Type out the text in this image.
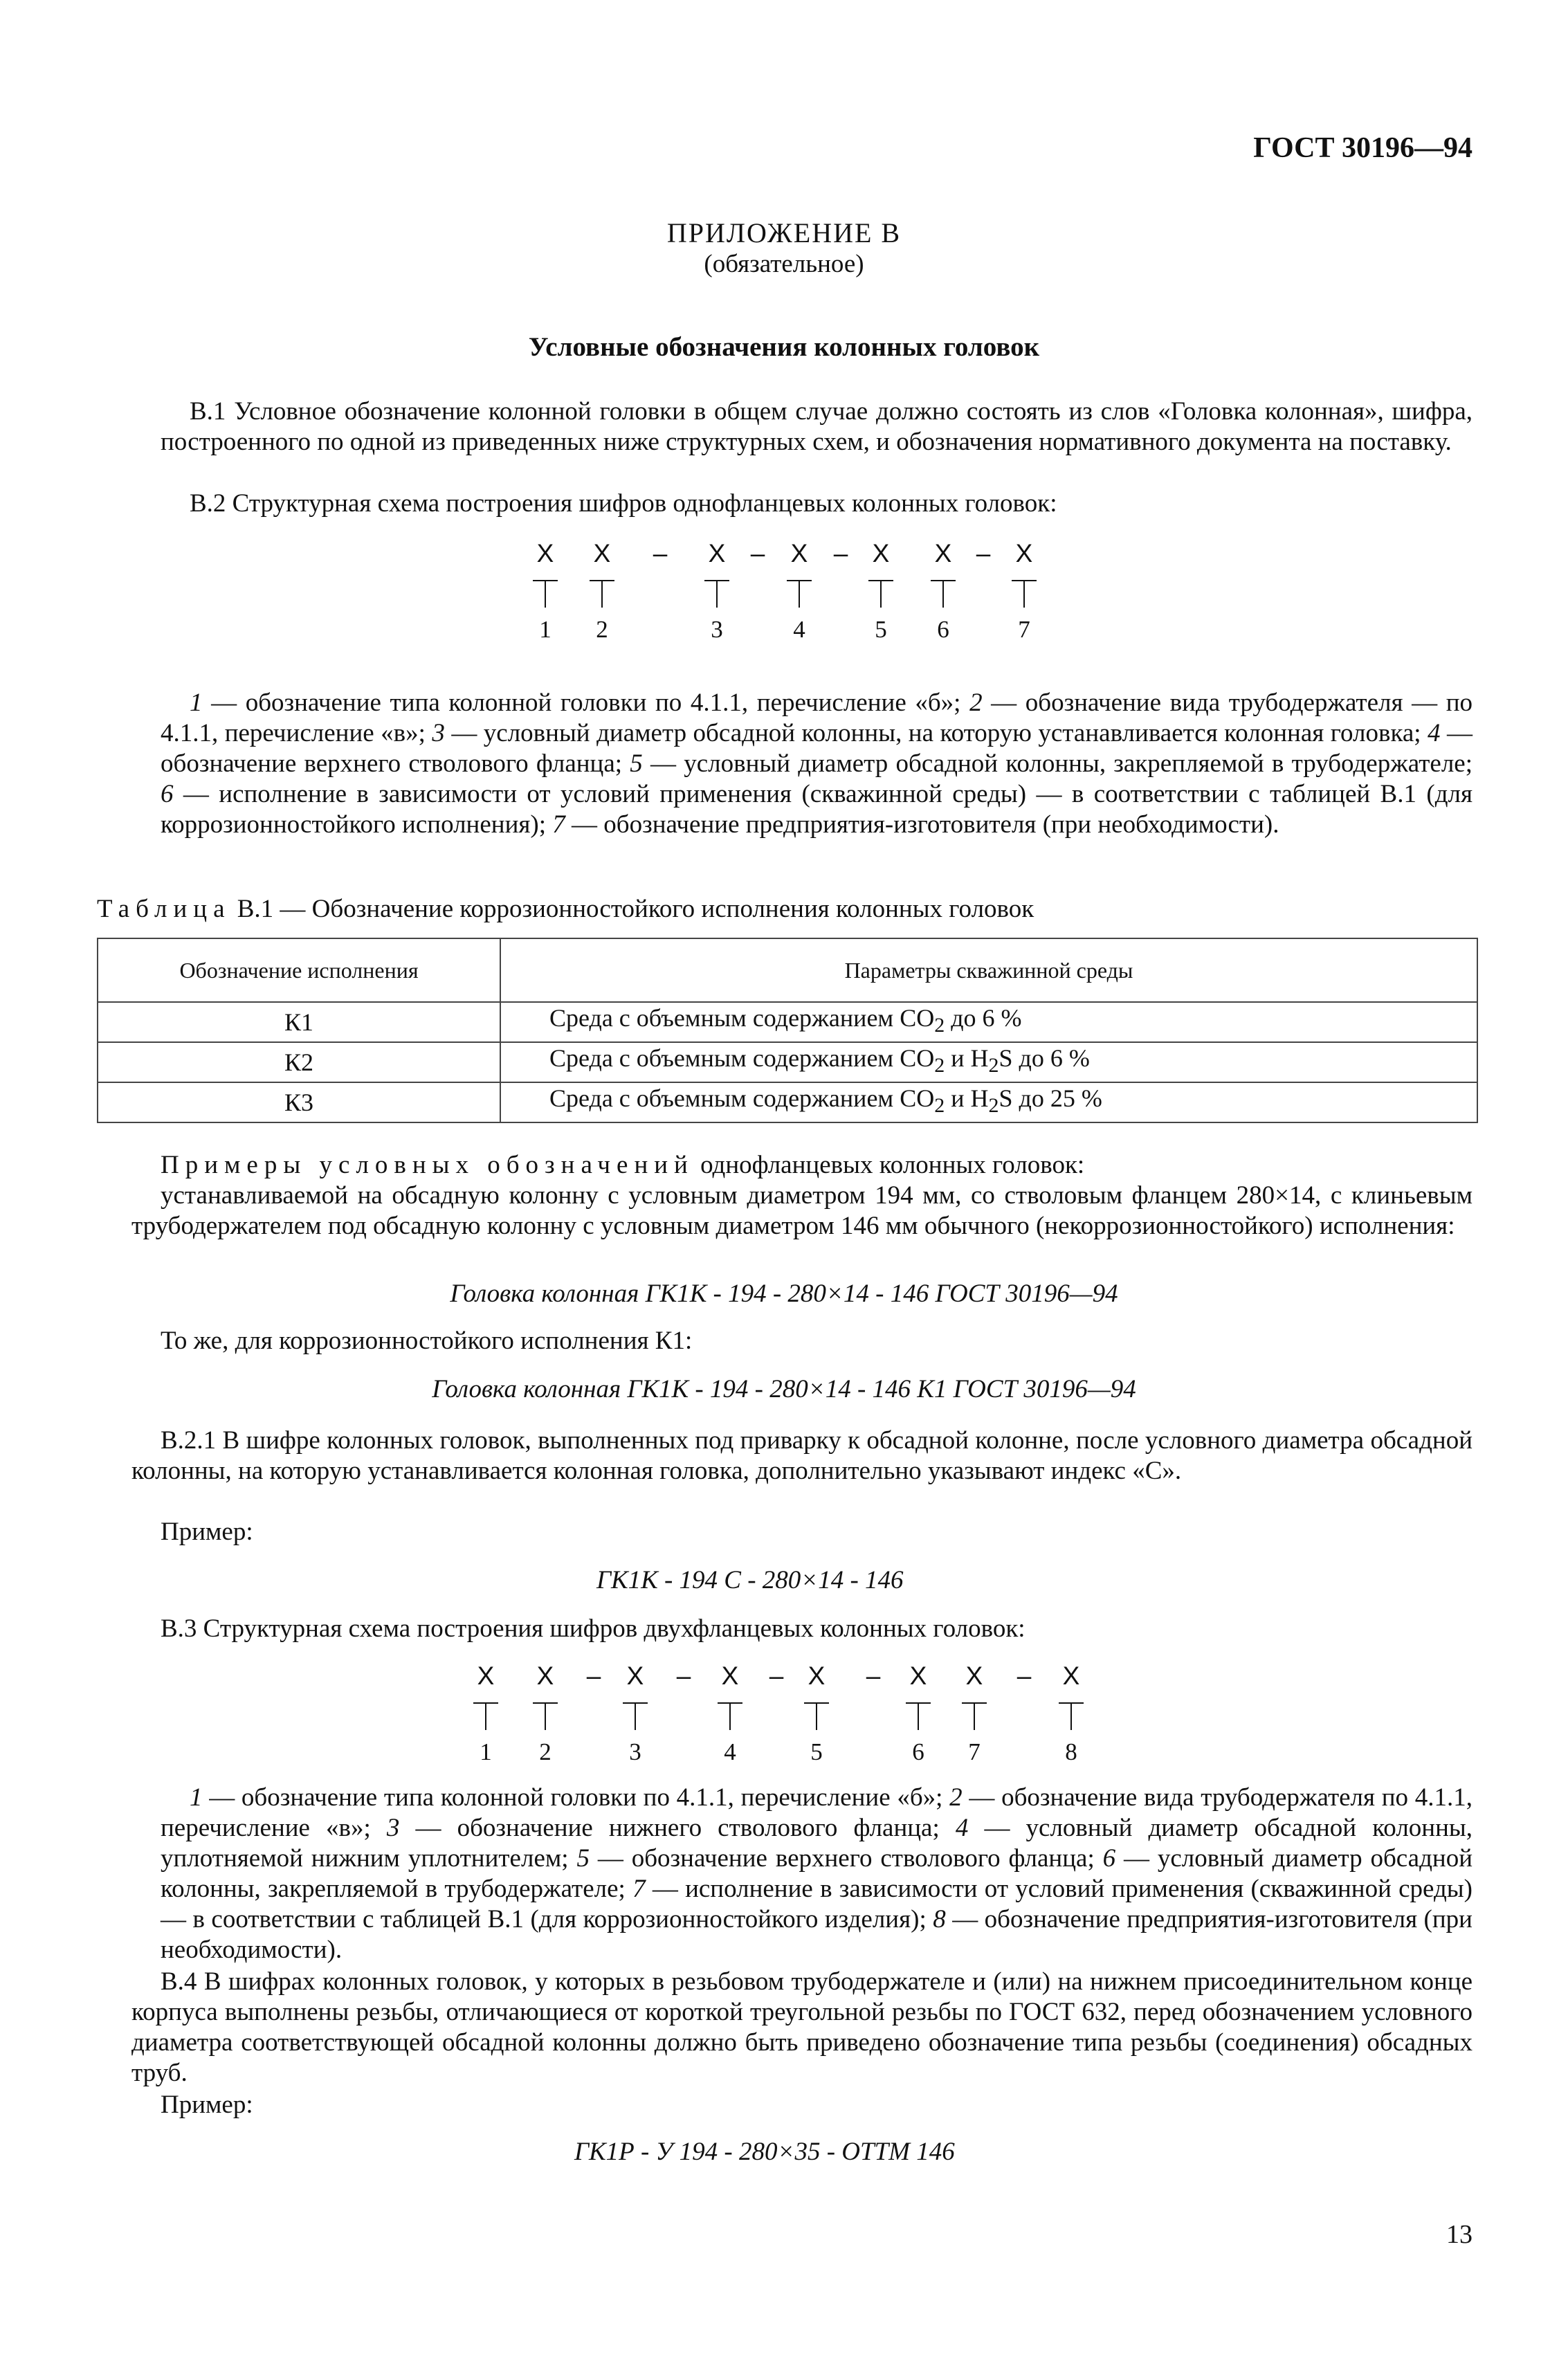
ГОСТ 30196—94
ПРИЛОЖЕНИЕ В
(обязательное)
Условные обозначения колонных головок
В.1 Условное обозначение колонной головки в общем случае должно состоять из слов «Головка колонная», шифра, построенного по одной из приведенных ниже структурных схем, и обозначения нормативного документа на поставку.
В.2 Структурная схема построения шифров однофланцевых колонных головок:
X X – X – X – X X – X
1 2	3	4	5 6	7
1 — обозначение типа колонной головки по 4.1.1, перечисление «б»; 2 — обозначение вида трубодержателя — по 4.1.1, перечисление «в»; 3 — условный диаметр обсадной колонны, на которую устанавливается колонная головка; 4 — обозначение верхнего стволового фланца; 5 — условный диаметр обсадной колонны, закрепляемой в трубодержателе; 6 — исполнение в зависимости от условий применения (скважинной среды) — в соответствии с таблицей В.1 (для коррозионностойкого исполнения); 7 — обозначение предприятия-изготовителя (при необходимости).
Таблица В.1 — Обозначение коррозионностойкого исполнения колонных головок
Обозначение исполнения	Параметры скважинной среды
К1	Среда с объемным содержанием $CO_2$ до 6 %
К2	Среда с объемным содержанием $CO_2$ и $H_2S$ до 6 %
К3	Среда с объемным содержанием $CO_2$ и $H_2S$ до 25 %
Примеры условных обозначений однофланцевых колонных головок:
устанавливаемой на обсадную колонну с условным диаметром 194 мм, со стволовым фланцем 280×14, с клиньевым трубодержателем под обсадную колонну с условным диаметром 146 мм обычного (некоррозионностойкого) исполнения:
Головка колонная ГК1К - 194 - 280×14 - 146 ГОСТ 30196—94
То же, для коррозионностойкого исполнения К1:
Головка колонная ГК1К - 194 - 280×14 - 146 К1 ГОСТ 30196—94
В.2.1 В шифре колонных головок, выполненных под приварку к обсадной колонне, после условного диаметра обсадной колонны, на которую устанавливается колонная головка, дополнительно указывают индекс «С».
Пример:
ГК1К - 194 С - 280×14 - 146
В.3 Структурная схема построения шифров двухфланцевых колонных головок:
X X – X – X – X – X X – X
1 2	3	4	5	6 7	8
1 — обозначение типа колонной головки по 4.1.1, перечисление «б»; 2 — обозначение вида трубодержателя по 4.1.1, перечисление «в»; 3 — обозначение нижнего стволового фланца; 4 — условный диаметр обсадной колонны, уплотняемой нижним уплотнителем; 5 — обозначение верхнего стволового фланца; 6 — условный диаметр обсадной колонны, закрепляемой в трубодержателе; 7 — исполнение в зависимости от условий применения (скважинной среды) — в соответствии с таблицей В.1 (для коррозионностойкого изделия); 8 — обозначение предприятия-изготовителя (при необходимости).
В.4 В шифрах колонных головок, у которых в резьбовом трубодержателе и (или) на нижнем присоединительном конце корпуса выполнены резьбы, отличающиеся от короткой треугольной резьбы по ГОСТ 632, перед обозначением условного диаметра соответствующей обсадной колонны должно быть приведено обозначение типа резьбы (соединения) обсадных труб.
Пример:
ГК1Р - У 194 - 280×35 - ОТТМ 146
13
